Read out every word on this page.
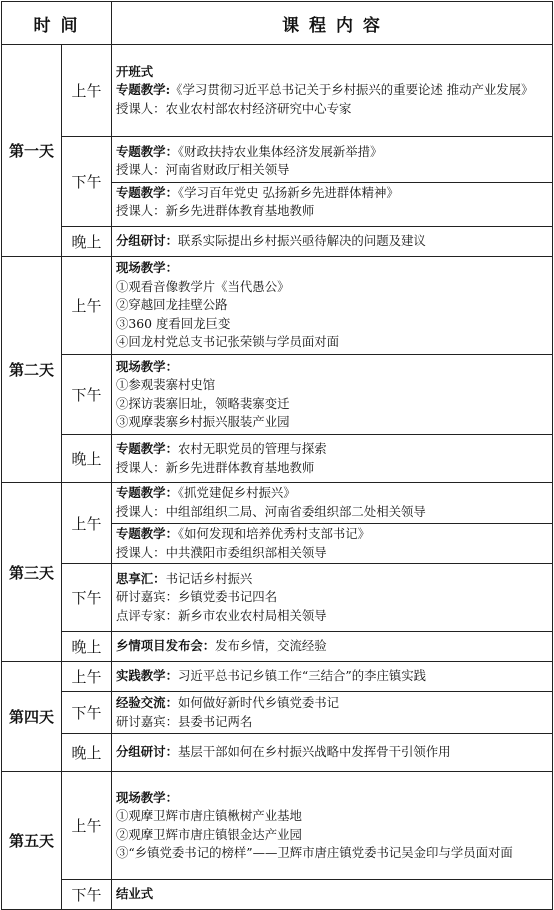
时 间		课 程 内 容
第一天	上午	开班式
专题教学:《学习贯彻习近平总书记关于乡村振兴的重要论述 推动产业发展》
授课人：农业农村部农村经济研究中心专家

	下午	专题教学：《财政扶持农业集体经济发展新举措》
授课人：河南省财政厅相关领导
专题教学：《学习百年党史 弘扬新乡先进群体精神》
授课人：新乡先进群体教育基地教师

	晚上	分组研讨：联系实际提出乡村振兴亟待解决的问题及建议

第二天	上午	现场教学：
①观看音像教学片《当代愚公》
②穿越回龙挂壁公路
③360 度看回龙巨变
④回龙村党总支书记张荣锁与学员面对面

	下午	现场教学：
①参观裴寨村史馆
②探访裴寨旧址，领略裴寨变迁
③观摩裴寨乡村振兴服装产业园

	晚上	专题教学：农村无职党员的管理与探索
授课人：新乡先进群体教育基地教师

第三天	上午	专题教学：《抓党建促乡村振兴》
授课人：中组部组织二局、河南省委组织部二处相关领导
专题教学：《如何发现和培养优秀村支部书记》
授课人：中共濮阳市委组织部相关领导

	下午	思享汇：书记话乡村振兴
研讨嘉宾：乡镇党委书记四名
点评专家：新乡市农业农村局相关领导

	晚上	乡情项目发布会：发布乡情，交流经验

第四天	上午	实践教学：习近平总书记乡镇工作“三结合”的李庄镇实践

	下午	经验交流：如何做好新时代乡镇党委书记
研讨嘉宾：县委书记两名

	晚上	分组研讨：基层干部如何在乡村振兴战略中发挥骨干引领作用

第五天	上午	现场教学：
①观摩卫辉市唐庄镇楸树产业基地
②观摩卫辉市唐庄镇银金达产业园
③“乡镇党委书记的榜样”——卫辉市唐庄镇党委书记吴金印与学员面对面

	下午	结业式
